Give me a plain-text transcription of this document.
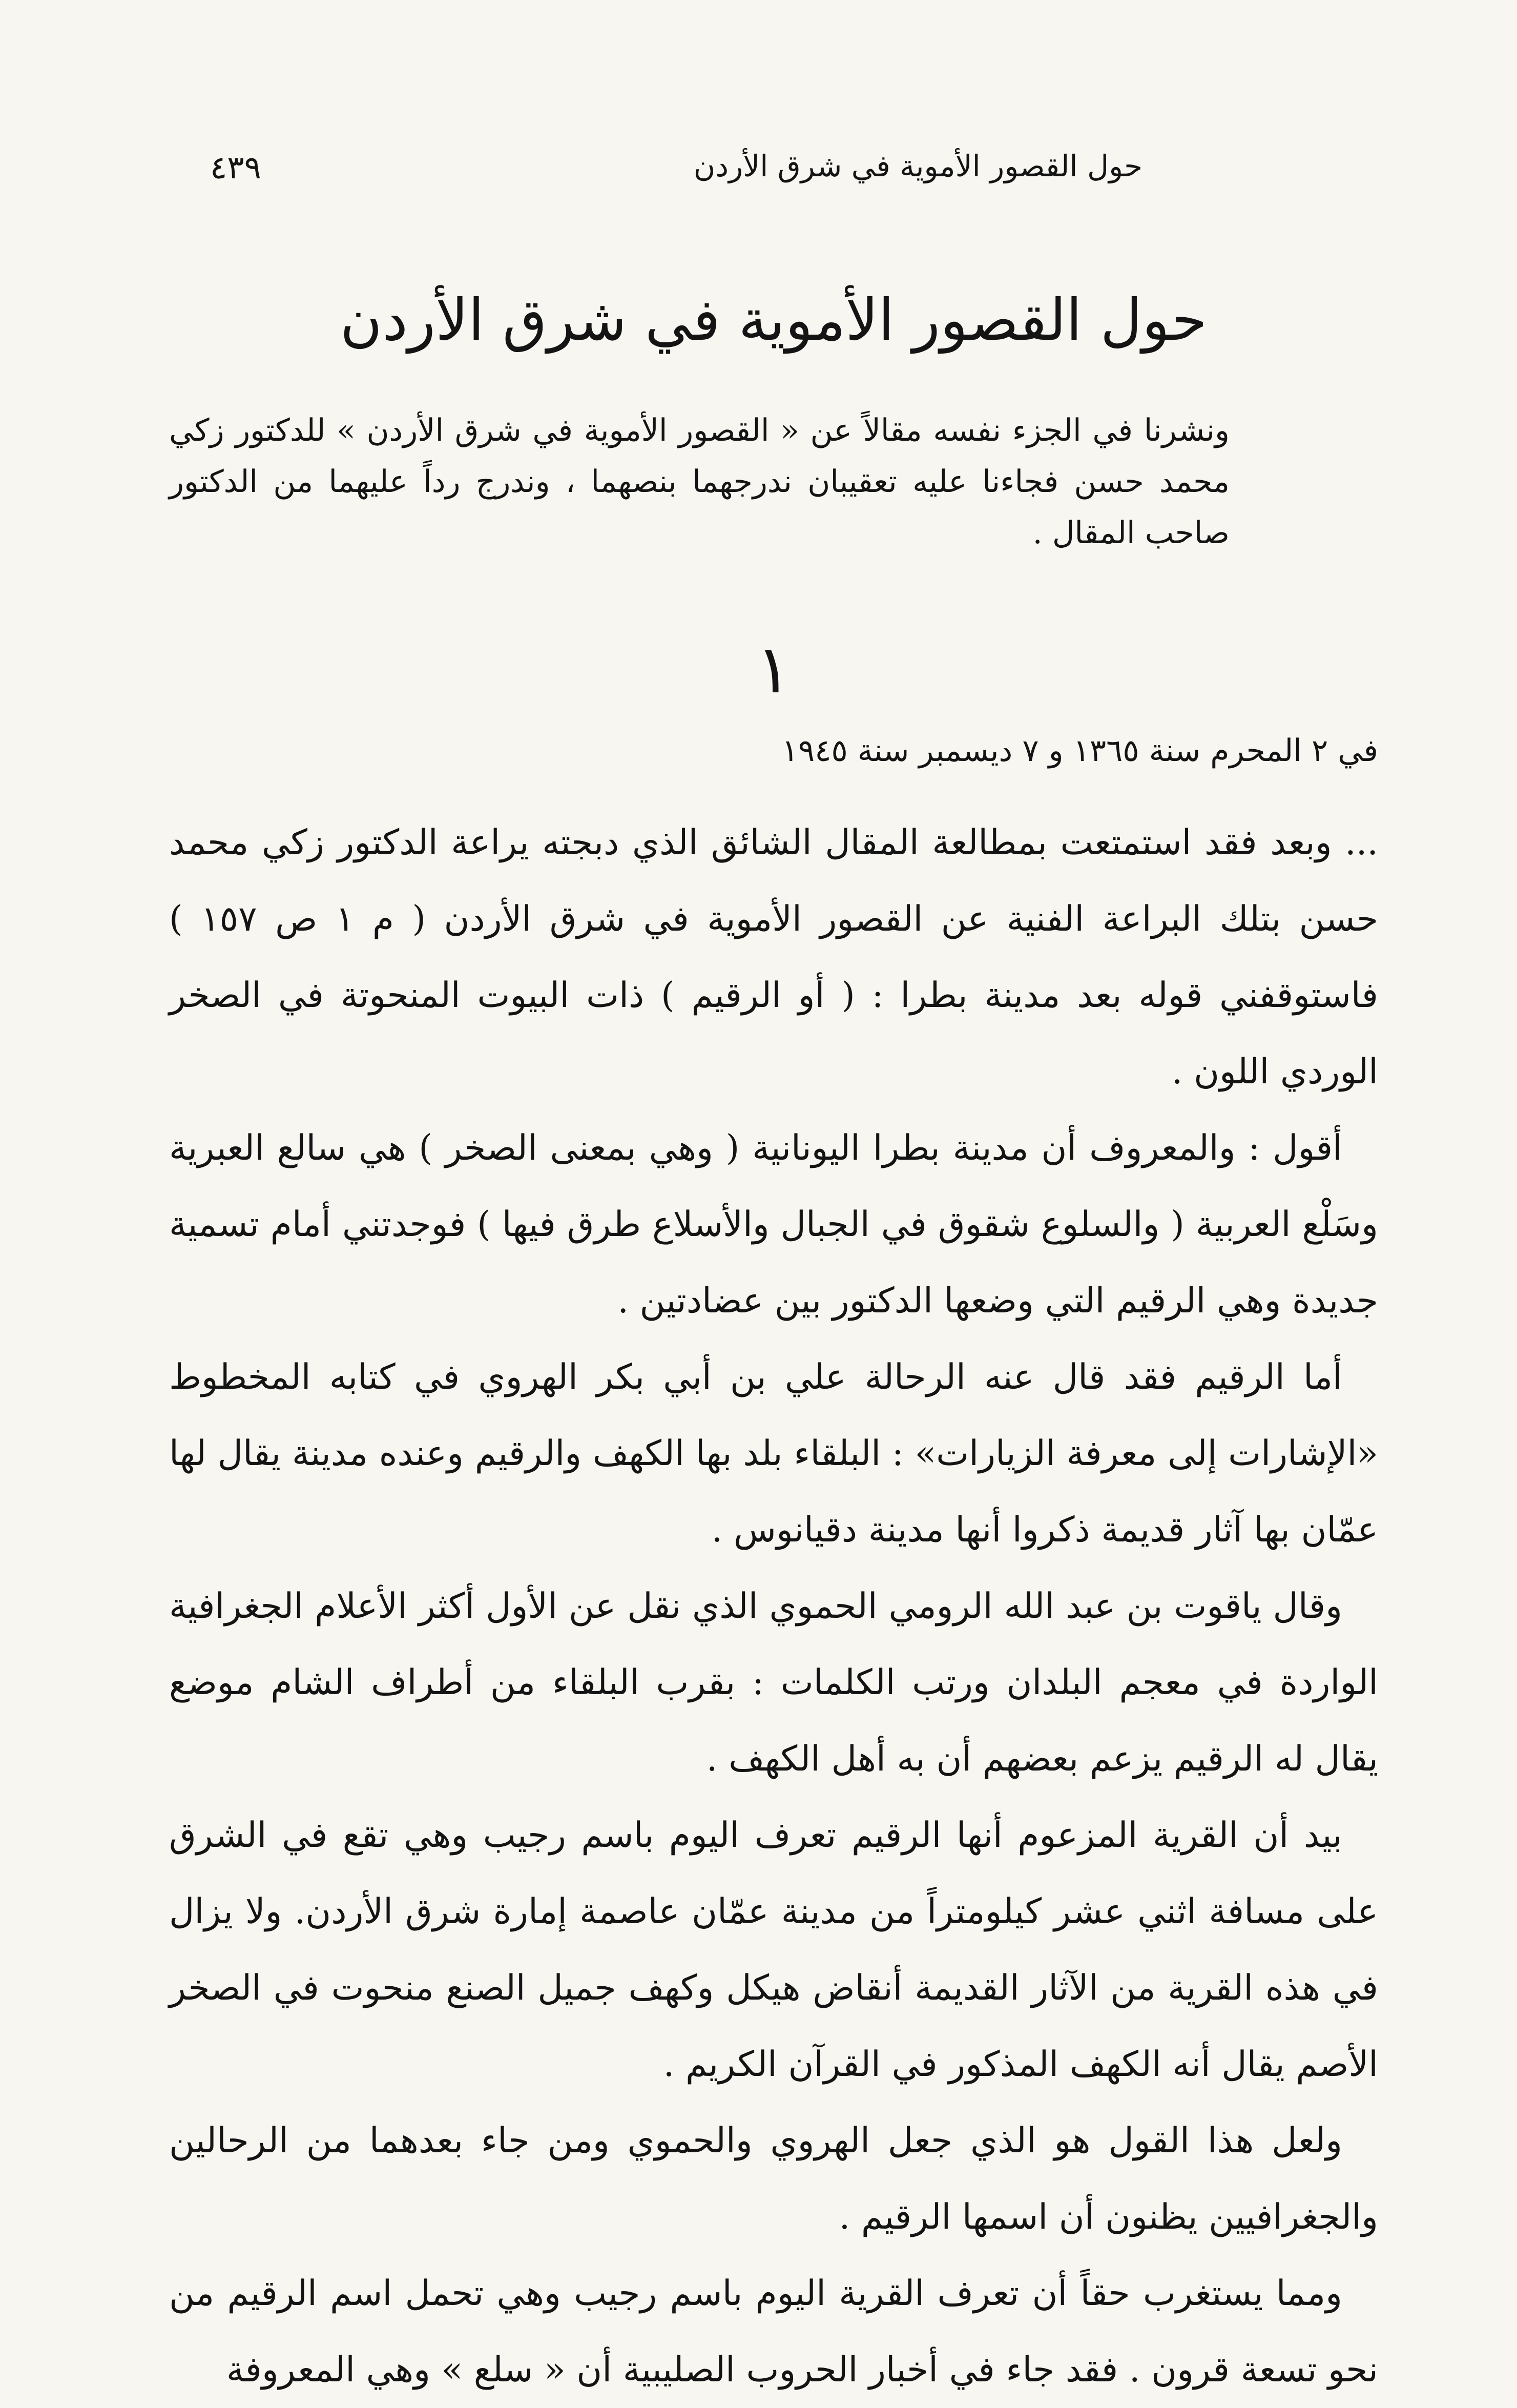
حول القصور الأموية في شرق الأردن
٤٣٩
حول القصور الأموية في شرق الأردن
ونشرنا في الجزء نفسه مقالاً عن « القصور الأموية في شرق الأردن » للدكتور زكي محمد حسن فجاءنا عليه تعقيبان ندرجهما بنصهما ، وندرج رداً عليهما من الدكتور صاحب المقال .
١
في ٢ المحرم سنة ١٣٦٥ و ٧ ديسمبر سنة ١٩٤٥

... وبعد فقد استمتعت بمطالعة المقال الشائق الذي دبجته يراعة الدكتور زكي محمد حسن بتلك البراعة الفنية عن القصور الأموية في شرق الأردن ( م ١ ص ١٥٧ ) فاستوقفني قوله بعد مدينة بطرا : ( أو الرقيم ) ذات البيوت المنحوتة في الصخر الوردي اللون .

أقول : والمعروف أن مدينة بطرا اليونانية ( وهي بمعنى الصخر ) هي سالع العبرية وسَلْع العربية ( والسلوع شقوق في الجبال والأسلاع طرق فيها ) فوجدتني أمام تسمية جديدة وهي الرقيم التي وضعها الدكتور بين عضادتين .

أما الرقيم فقد قال عنه الرحالة علي بن أبي بكر الهروي في كتابه المخطوط «الإشارات إلى معرفة الزيارات» : البلقاء بلد بها الكهف والرقيم وعنده مدينة يقال لها عمّان بها آثار قديمة ذكروا أنها مدينة دقيانوس .

وقال ياقوت بن عبد الله الرومي الحموي الذي نقل عن الأول أكثر الأعلام الجغرافية الواردة في معجم البلدان ورتب الكلمات : بقرب البلقاء من أطراف الشام موضع يقال له الرقيم يزعم بعضهم أن به أهل الكهف .

بيد أن القرية المزعوم أنها الرقيم تعرف اليوم باسم رجيب وهي تقع في الشرق على مسافة اثني عشر كيلومتراً من مدينة عمّان عاصمة إمارة شرق الأردن. ولا يزال في هذه القرية من الآثار القديمة أنقاض هيكل وكهف جميل الصنع منحوت في الصخر الأصم يقال أنه الكهف المذكور في القرآن الكريم .

ولعل هذا القول هو الذي جعل الهروي والحموي ومن جاء بعدهما من الرحالين والجغرافيين يظنون أن اسمها الرقيم .

ومما يستغرب حقاً أن تعرف القرية اليوم باسم رجيب وهي تحمل اسم الرقيم من نحو تسعة قرون . فقد جاء في أخبار الحروب الصليبية أن « سلع » وهي المعروفة
